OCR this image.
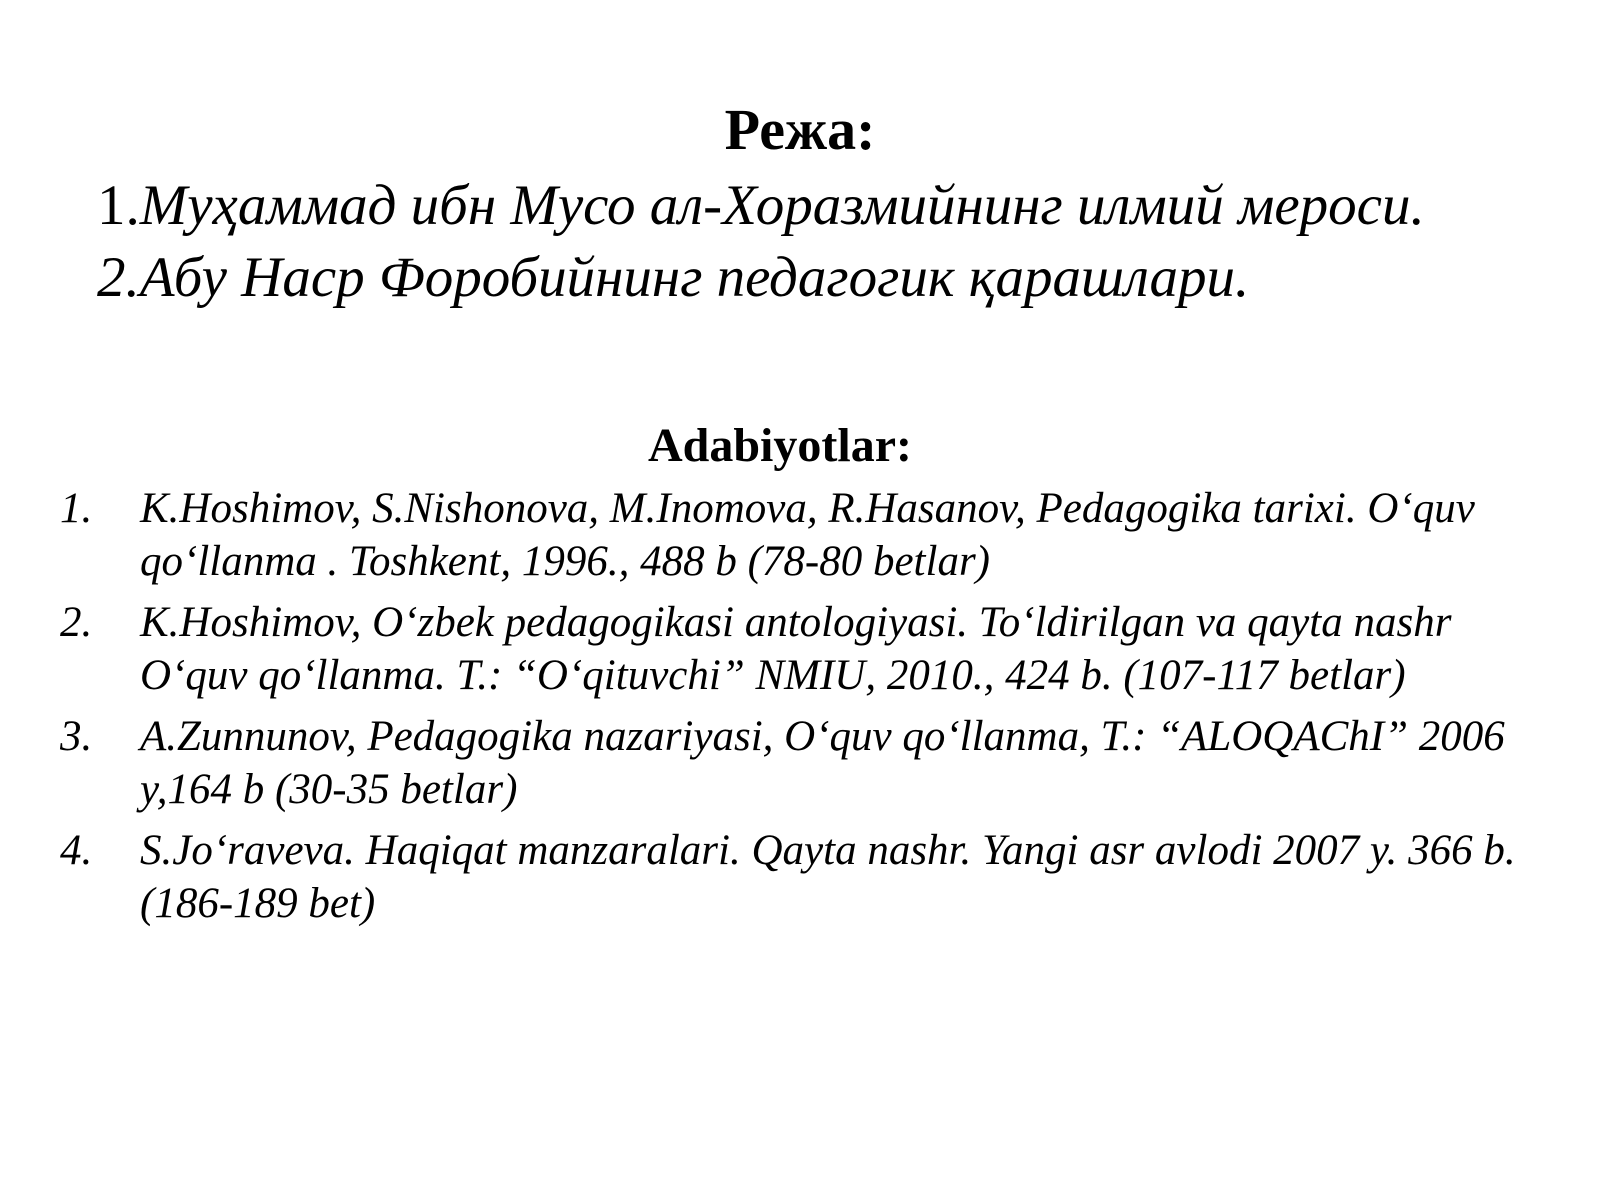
Режа:
1.Муҳаммад ибн Мусо ал-Хоразмийнинг илмий мероси.
2.Абу Наср Форобийнинг педагогик қарашлари.
Adabiyotlar:
1.	K.Hoshimov, S.Nishonova, M.Inomova, R.Hasanov, Pedagogika tarixi. O‘quv qo‘llanma . Toshkent, 1996., 488 b (78-80 betlar)
2.	K.Hoshimov, O‘zbek pedagogikasi antologiyasi. To‘ldirilgan va qayta nashr O‘quv qo‘llanma. T.: “O‘qituvchi” NMIU, 2010., 424 b. (107-117 betlar)
3.	A.Zunnunov, Pedagogika nazariyasi, O‘quv qo‘llanma, T.: “ALOQAChI” 2006 y,164 b (30-35 betlar)
4.	S.Jo‘raveva. Haqiqat manzaralari. Qayta nashr. Yangi asr avlodi 2007 y. 366 b. (186-189 bet)
